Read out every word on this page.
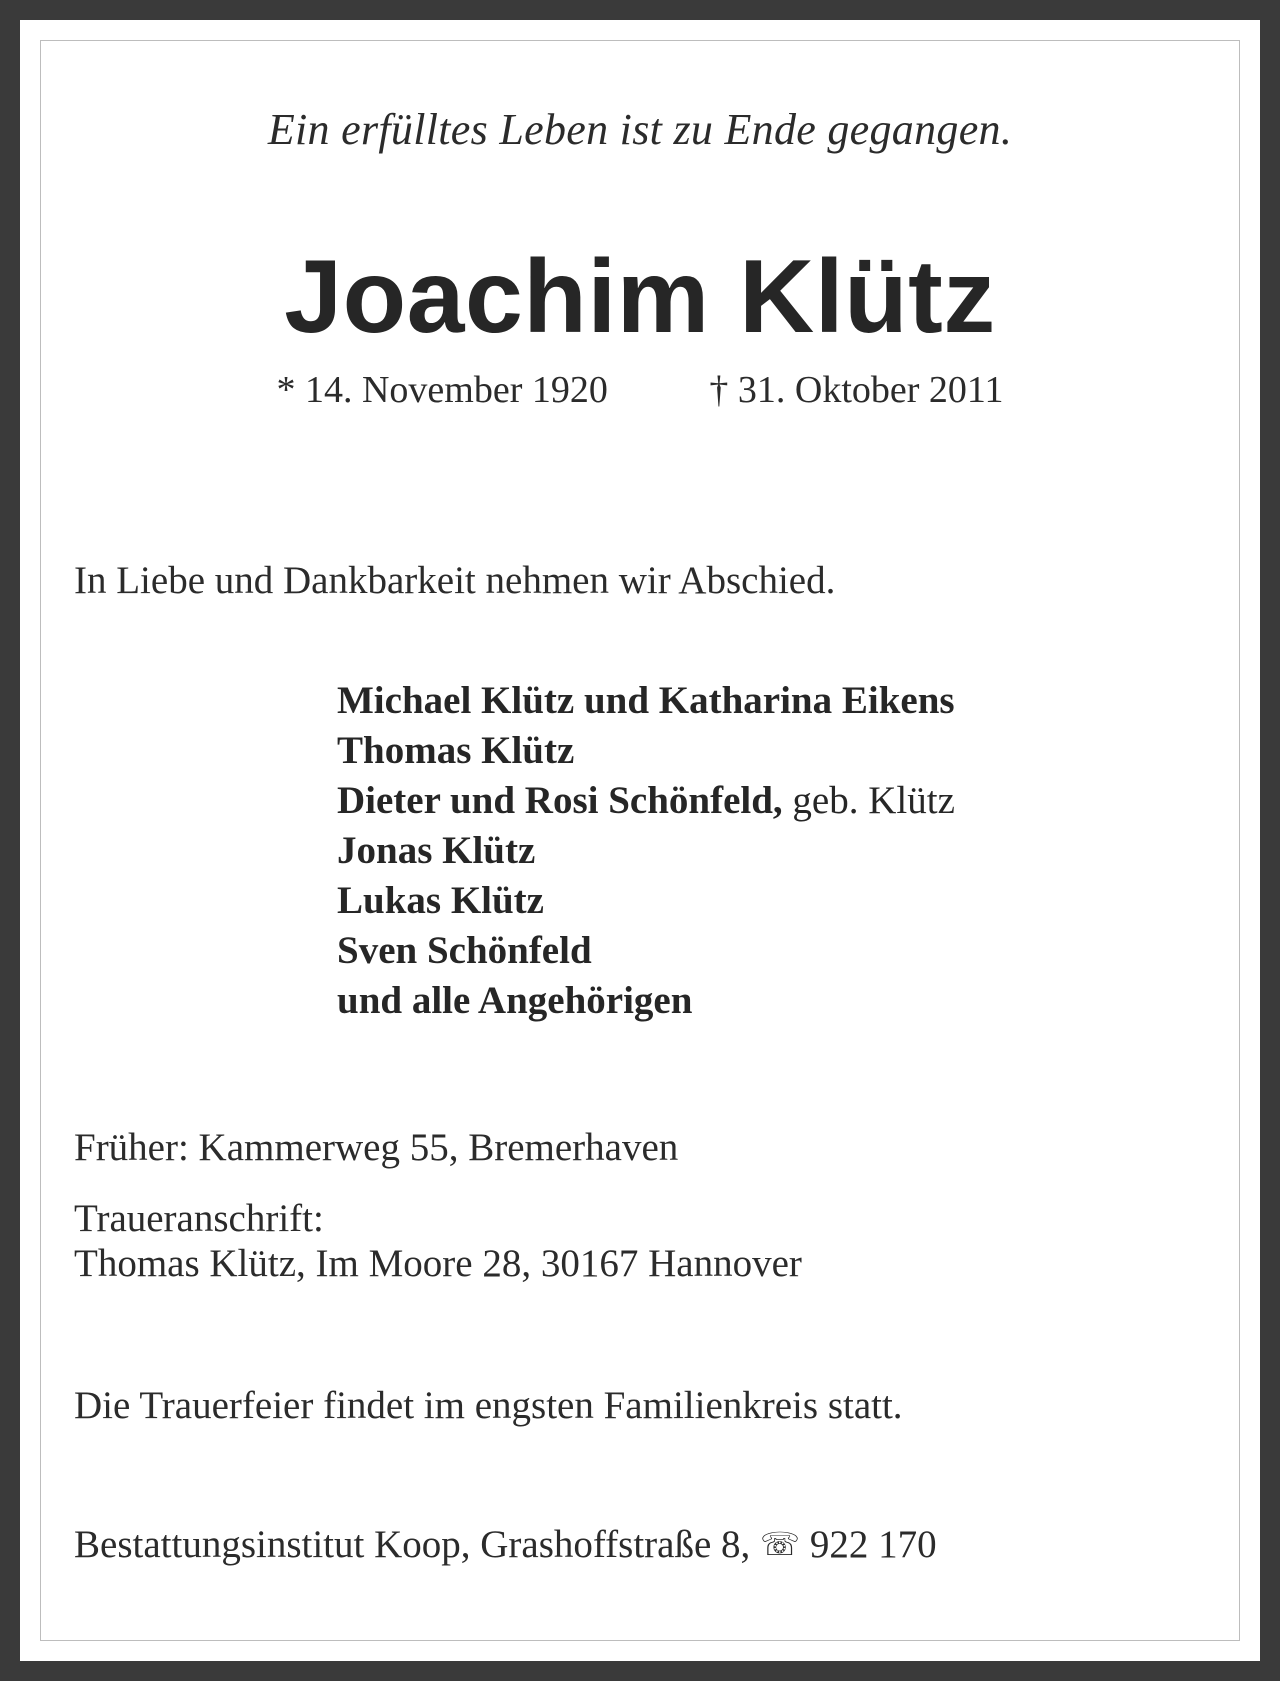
Ein erfülltes Leben ist zu Ende gegangen.
Joachim Klütz
* 14. November 1920	† 31. Oktober 2011
In Liebe und Dankbarkeit nehmen wir Abschied.
Michael Klütz und Katharina Eikens
Thomas Klütz
Dieter und Rosi Schönfeld, geb. Klütz
Jonas Klütz
Lukas Klütz
Sven Schönfeld
und alle Angehörigen
Früher: Kammerweg 55, Bremerhaven
Traueranschrift:
Thomas Klütz, Im Moore 28, 30167 Hannover
Die Trauerfeier findet im engsten Familienkreis statt.
Bestattungsinstitut Koop, Grashoffstraße 8, ☏ 922 170
